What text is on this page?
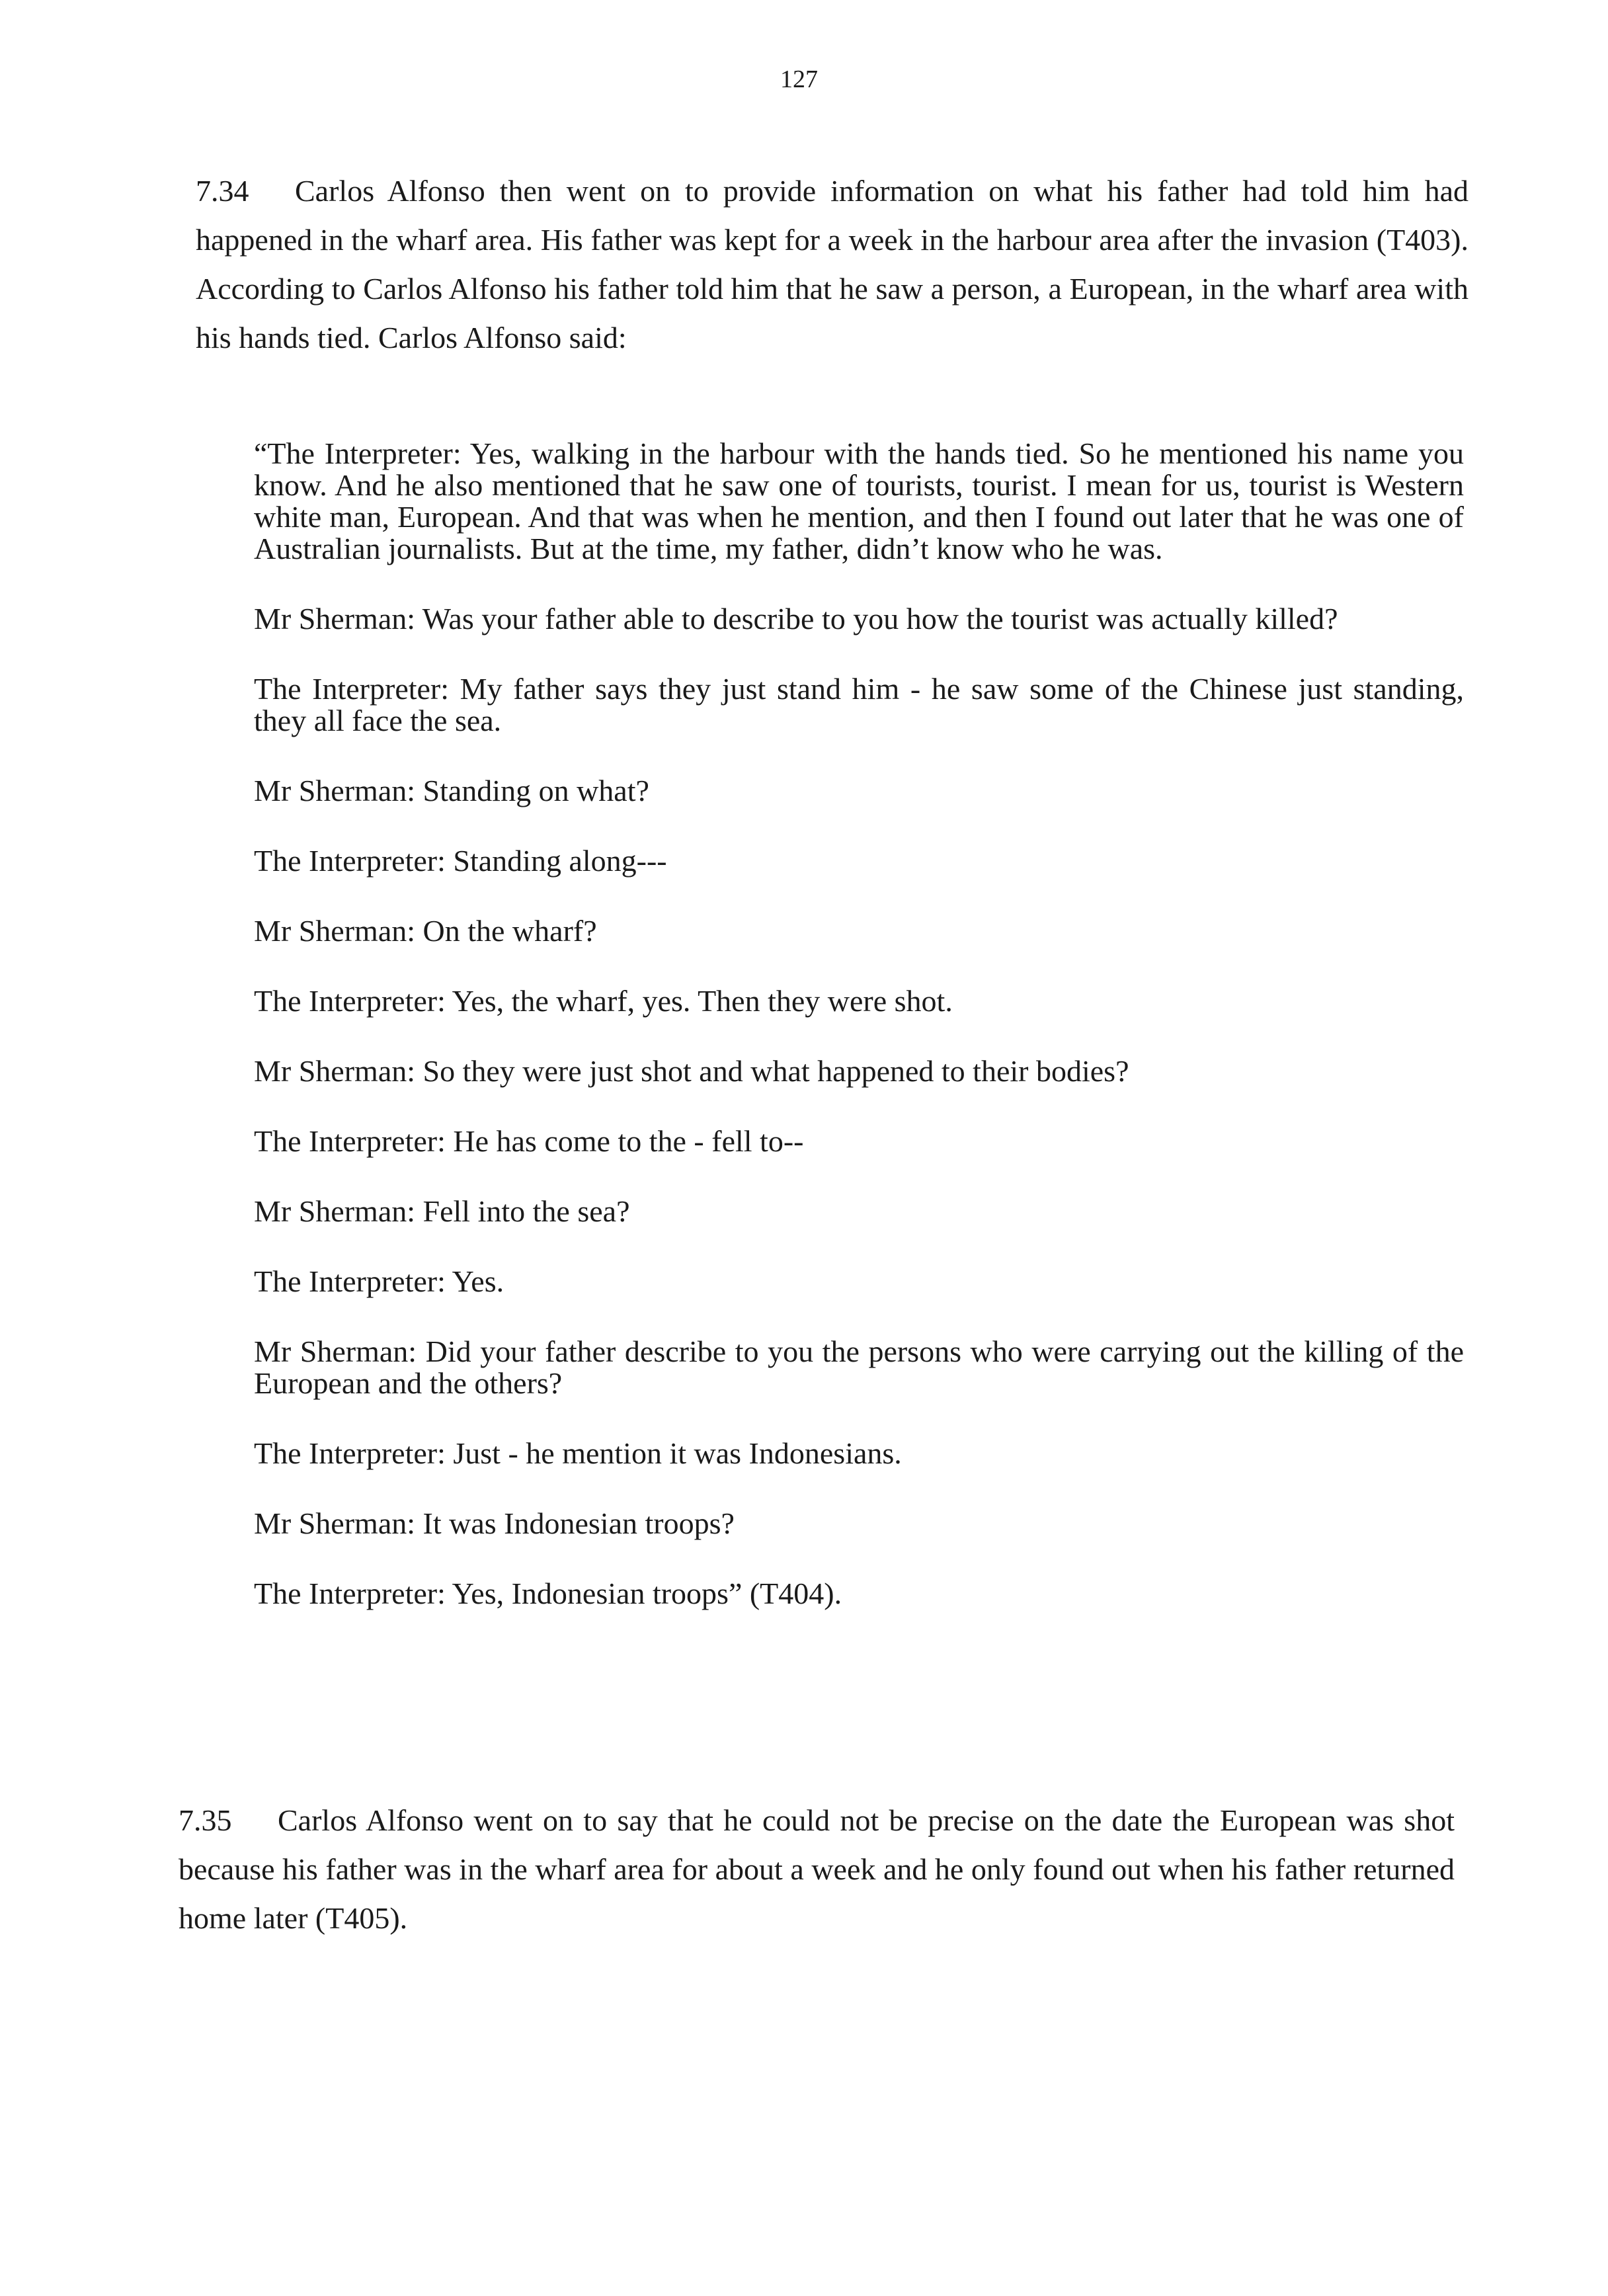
127
7.34 Carlos Alfonso then went on to provide information on what his father had told him had happened in the wharf area. His father was kept for a week in the harbour area after the invasion (T403). According to Carlos Alfonso his father told him that he saw a person, a European, in the wharf area with his hands tied. Carlos Alfonso said:

“The Interpreter: Yes, walking in the harbour with the hands tied. So he mentioned his name you know. And he also mentioned that he saw one of tourists, tourist. I mean for us, tourist is Western white man, European. And that was when he mention, and then I found out later that he was one of Australian journalists. But at the time, my father, didn’t know who he was.

Mr Sherman: Was your father able to describe to you how the tourist was actually killed?

The Interpreter: My father says they just stand him - he saw some of the Chinese just standing, they all face the sea.

Mr Sherman: Standing on what?

The Interpreter: Standing along---

Mr Sherman: On the wharf?

The Interpreter: Yes, the wharf, yes. Then they were shot.

Mr Sherman: So they were just shot and what happened to their bodies?

The Interpreter: He has come to the - fell to--

Mr Sherman: Fell into the sea?

The Interpreter: Yes.

Mr Sherman: Did your father describe to you the persons who were carrying out the killing of the European and the others?

The Interpreter: Just - he mention it was Indonesians.

Mr Sherman: It was Indonesian troops?

The Interpreter: Yes, Indonesian troops” (T404).

7.35 Carlos Alfonso went on to say that he could not be precise on the date the European was shot because his father was in the wharf area for about a week and he only found out when his father returned home later (T405).
